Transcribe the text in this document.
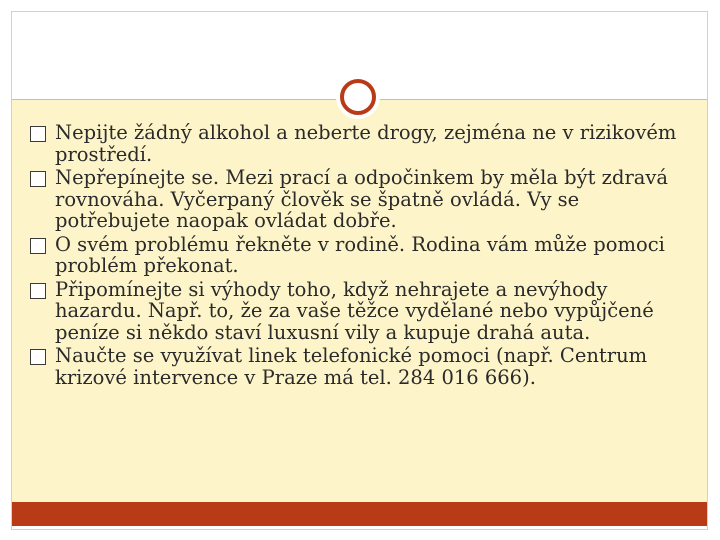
Nepijte žádný alkohol a neberte drogy, zejména ne v rizikovém prostředí.
Nepřepínejte se. Mezi prací a odpočinkem by měla být zdravá rovnováha. Vyčerpaný člověk se špatně ovládá. Vy se potřebujete naopak ovládat dobře.
O svém problému řekněte v rodině. Rodina vám může pomoci problém překonat.
Připomínejte si výhody toho, když nehrajete a nevýhody hazardu. Např. to, že za vaše těžce vydělané nebo vypůjčené peníze si někdo staví luxusní vily a kupuje drahá auta.
Naučte se využívat linek telefonické pomoci (např. Centrum krizové intervence v Praze má tel. 284 016 666).
